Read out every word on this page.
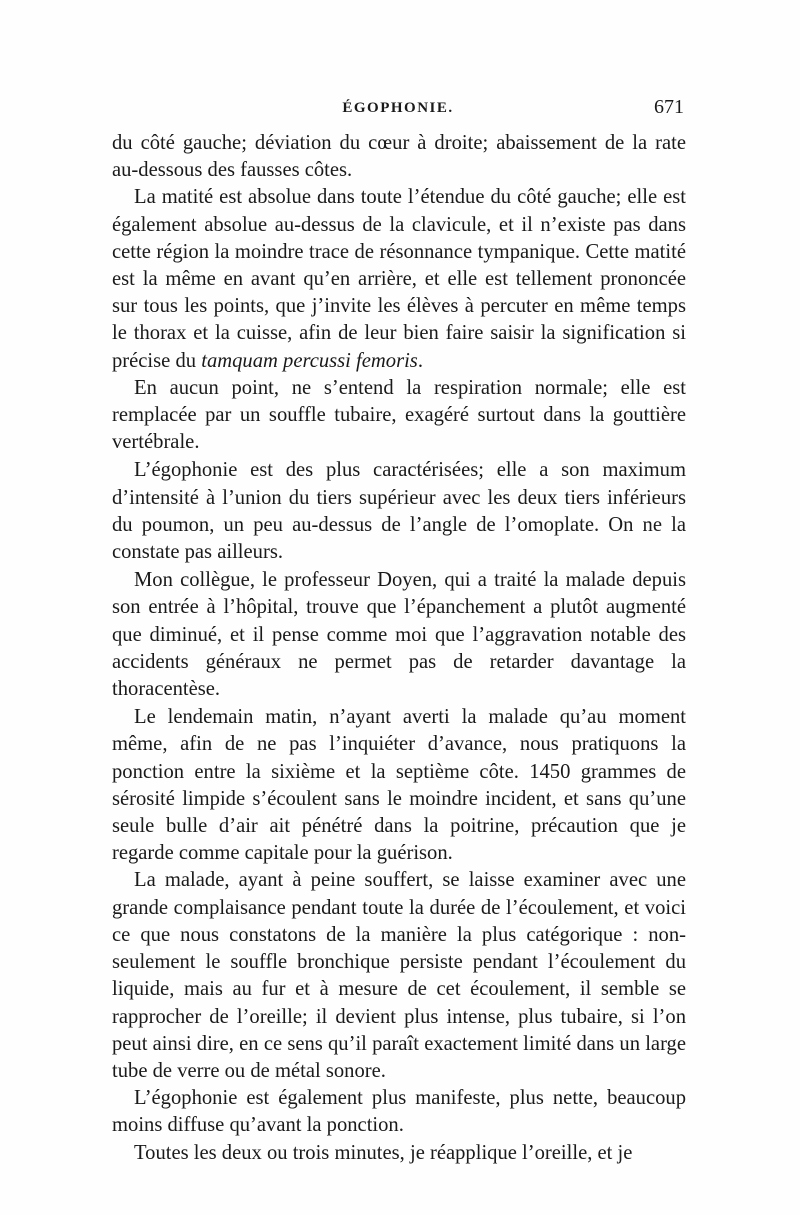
ÉGOPHONIE.	671

du côté gauche; déviation du cœur à droite; abaissement de la rate au-dessous des fausses côtes.

La matité est absolue dans toute l’étendue du côté gauche; elle est également absolue au-dessus de la clavicule, et il n’existe pas dans cette région la moindre trace de résonnance tympanique. Cette matité est la même en avant qu’en arrière, et elle est tellement prononcée sur tous les points, que j’invite les élèves à percuter en même temps le thorax et la cuisse, afin de leur bien faire saisir la signification si précise du tamquam percussi femoris.

En aucun point, ne s’entend la respiration normale; elle est remplacée par un souffle tubaire, exagéré surtout dans la gouttière vertébrale.

L’égophonie est des plus caractérisées; elle a son maximum d’intensité à l’union du tiers supérieur avec les deux tiers inférieurs du poumon, un peu au-dessus de l’angle de l’omoplate. On ne la constate pas ailleurs.

Mon collègue, le professeur Doyen, qui a traité la malade depuis son entrée à l’hôpital, trouve que l’épanchement a plutôt augmenté que diminué, et il pense comme moi que l’aggravation notable des accidents généraux ne permet pas de retarder davantage la thoracentèse.

Le lendemain matin, n’ayant averti la malade qu’au moment même, afin de ne pas l’inquiéter d’avance, nous pratiquons la ponction entre la sixième et la septième côte. 1450 grammes de sérosité limpide s’écoulent sans le moindre incident, et sans qu’une seule bulle d’air ait pénétré dans la poitrine, précaution que je regarde comme capitale pour la guérison.

La malade, ayant à peine souffert, se laisse examiner avec une grande complaisance pendant toute la durée de l’écoulement, et voici ce que nous constatons de la manière la plus catégorique : non-seulement le souffle bronchique persiste pendant l’écoulement du liquide, mais au fur et à mesure de cet écoulement, il semble se rapprocher de l’oreille; il devient plus intense, plus tubaire, si l’on peut ainsi dire, en ce sens qu’il paraît exactement limité dans un large tube de verre ou de métal sonore.

L’égophonie est également plus manifeste, plus nette, beaucoup moins diffuse qu’avant la ponction.

Toutes les deux ou trois minutes, je réapplique l’oreille, et je
